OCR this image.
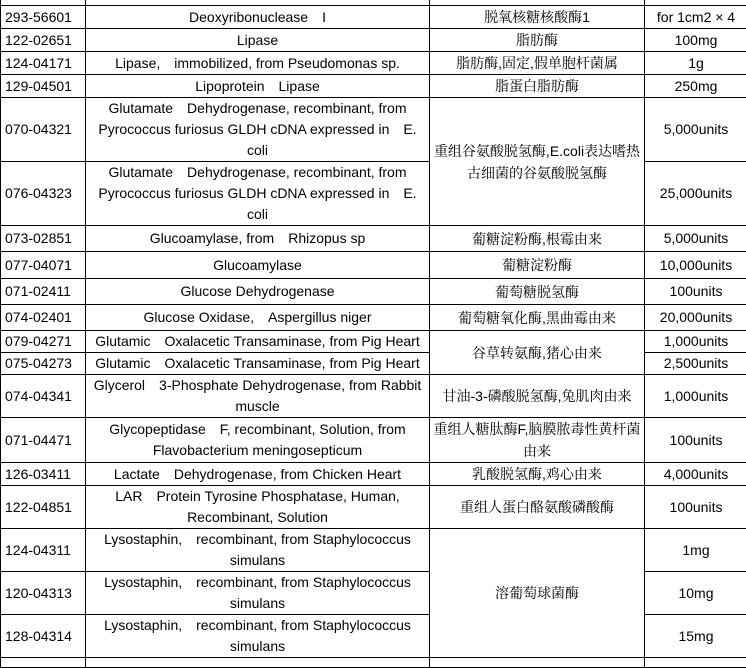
293-56601	Deoxyribonuclease　I	脱氧核糖核酸酶1	for 1cm2 × 4
122-02651	Lipase	脂肪酶	100mg
124-04171	Lipase,　immobilized, from Pseudomonas sp.	脂肪酶,固定,假单胞杆菌属	1g
129-04501	Lipoprotein　Lipase	脂蛋白脂肪酶	250mg
070-04321	Glutamate　Dehydrogenase, recombinant, from Pyrococcus furiosus GLDH cDNA expressed in　E. coli	重组谷氨酸脱氢酶,E.coli表达嗜热古细菌的谷氨酸脱氢酶	5,000units
076-04323	Glutamate　Dehydrogenase, recombinant, from Pyrococcus furiosus GLDH cDNA expressed in　E. coli		25,000units
073-02851	Glucoamylase, from　Rhizopus sp	葡糖淀粉酶,根霉由来	5,000units
077-04071	Glucoamylase	葡糖淀粉酶	10,000units
071-02411	Glucose Dehydrogenase	葡萄糖脱氢酶	100units
074-02401	Glucose Oxidase,　Aspergillus niger	葡萄糖氧化酶,黑曲霉由来	20,000units
079-04271	Glutamic　Oxalacetic Transaminase, from Pig Heart	谷草转氨酶,猪心由来	1,000units
075-04273	Glutamic　Oxalacetic Transaminase, from Pig Heart		2,500units
074-04341	Glycerol　3-Phosphate Dehydrogenase, from Rabbit muscle	甘油-3-磷酸脱氢酶,兔肌肉由来	1,000units
071-04471	Glycopeptidase　F, recombinant, Solution, from Flavobacterium meningosepticum	重组人糖肽酶F,脑膜脓毒性黄杆菌由来	100units
126-03411	Lactate　Dehydrogenase, from Chicken Heart	乳酸脱氢酶,鸡心由来	4,000units
122-04851	LAR　Protein Tyrosine Phosphatase, Human, Recombinant, Solution	重组人蛋白酪氨酸磷酸酶	100units
124-04311	Lysostaphin,　recombinant, from Staphylococcus simulans	溶葡萄球菌酶	1mg
120-04313	Lysostaphin,　recombinant, from Staphylococcus simulans		10mg
128-04314	Lysostaphin,　recombinant, from Staphylococcus simulans		15mg
